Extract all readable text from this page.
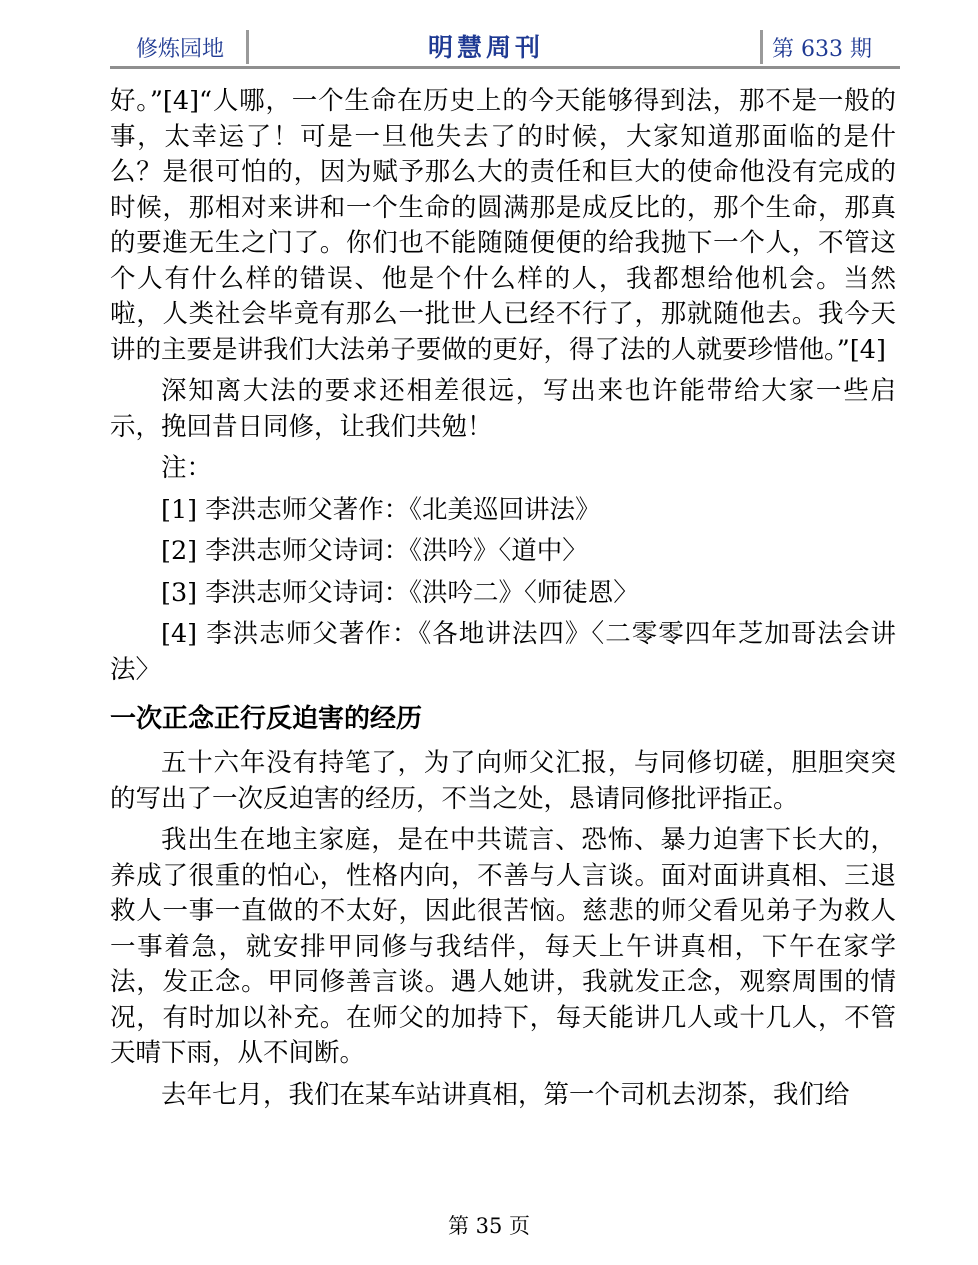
修炼园地	明慧周刊	第 633 期

好。”[4]“人哪，一个生命在历史上的今天能够得到法，那不是一般的事，太幸运了！可是一旦他失去了的时候，大家知道那面临的是什么？是很可怕的，因为赋予那么大的责任和巨大的使命他没有完成的时候，那相对来讲和一个生命的圆满那是成反比的，那个生命，那真的要進无生之门了。你们也不能随随便便的给我抛下一个人，不管这个人有什么样的错误、他是个什么样的人，我都想给他机会。当然啦，人类社会毕竟有那么一批世人已经不行了，那就随他去。我今天讲的主要是讲我们大法弟子要做的更好，得了法的人就要珍惜他。”[4]

深知离大法的要求还相差很远，写出来也许能带给大家一些启示，挽回昔日同修，让我们共勉！

注：

[1] 李洪志师父著作：《北美巡回讲法》

[2] 李洪志师父诗词：《洪吟》〈道中〉

[3] 李洪志师父诗词：《洪吟二》〈师徒恩〉

[4] 李洪志师父著作：《各地讲法四》〈二零零四年芝加哥法会讲法〉

一次正念正行反迫害的经历

五十六年没有持笔了，为了向师父汇报，与同修切磋，胆胆突突的写出了一次反迫害的经历，不当之处，恳请同修批评指正。

我出生在地主家庭，是在中共谎言、恐怖、暴力迫害下长大的，养成了很重的怕心，性格内向，不善与人言谈。面对面讲真相、三退救人一事一直做的不太好，因此很苦恼。慈悲的师父看见弟子为救人一事着急，就安排甲同修与我结伴，每天上午讲真相，下午在家学法，发正念。甲同修善言谈。遇人她讲，我就发正念，观察周围的情况，有时加以补充。在师父的加持下，每天能讲几人或十几人，不管天晴下雨，从不间断。

去年七月，我们在某车站讲真相，第一个司机去沏茶，我们给

第 35 页
